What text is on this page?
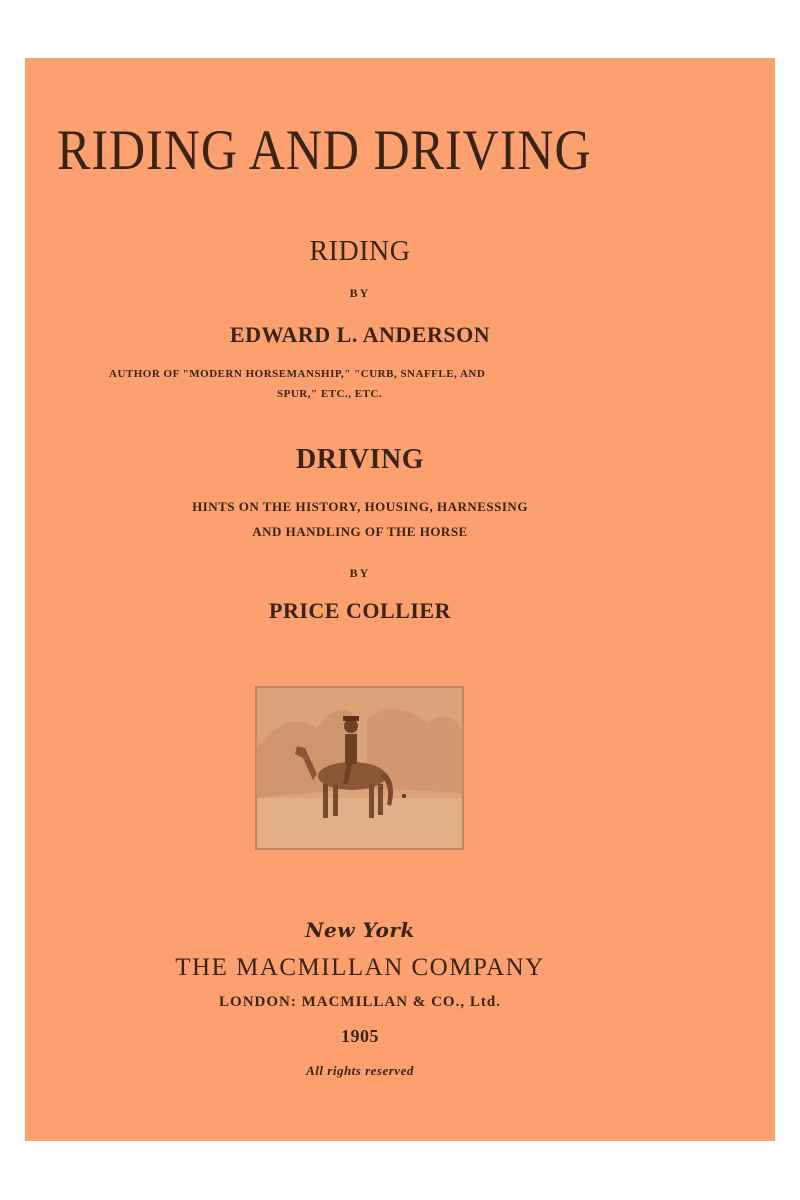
RIDING AND DRIVING
RIDING
BY
EDWARD L. ANDERSON
AUTHOR OF "MODERN HORSEMANSHIP," "CURB, SNAFFLE, AND
SPUR," ETC., ETC.
DRIVING
HINTS ON THE HISTORY, HOUSING, HARNESSING
AND HANDLING OF THE HORSE
BY
PRICE COLLIER
New York
THE MACMILLAN COMPANY
LONDON: MACMILLAN & CO., Ltd.
1905
All rights reserved
